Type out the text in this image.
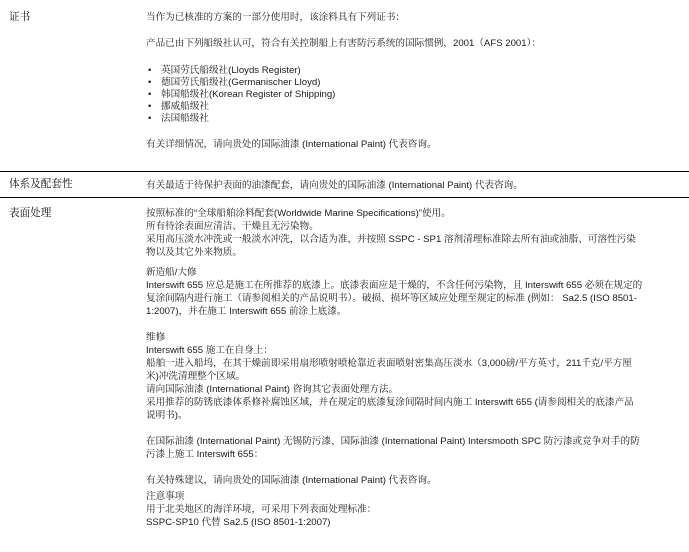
证书	当作为已核准的方案的一部分使用时，该涂料具有下列证书：

产品已由下列船级社认可，符合有关控制船上有害防污系统的国际惯例，2001（AFS 2001）：

• 英国劳氏船级社(Lloyds Register)
• 德国劳氏船级社(Germanischer Lloyd)
• 韩国船级社(Korean Register of Shipping)
• 挪威船级社
• 法国船级社

有关详细情况，请向贵处的国际油漆 (International Paint) 代表咨询。

体系及配套性	有关最适于待保护表面的油漆配套，请向贵处的国际油漆 (International Paint) 代表咨询。

表面处理	按照标准的“全球船舶涂料配套(Worldwide Marine Specifications)”使用。

所有待涂表面应清洁、干燥且无污染物。

采用高压淡水冲洗或一般淡水冲洗，以合适为准，并按照 SSPC - SP1 溶剂清理标准除去所有油或油脂、可溶性污染

物以及其它外来物质。

新造船/大修

Interswift 655 应总是施工在所推荐的底漆上。底漆表面应是干燥的，不含任何污染物，且 Interswift 655 必须在规定的

复涂间隔内进行施工（请参阅相关的产品说明书）。破损、损坏等区域应处理至规定的标准 (例如： Sa2.5 (ISO 8501-

1:2007)，并在施工 Interswift 655 前涂上底漆。

维修

Interswift 655 施工在自身上：

船舶一进入船坞，在其干燥前即采用扇形喷射喷枪靠近表面喷射密集高压淡水（3,000磅/平方英寸，211千克/平方厘

米)冲洗清理整个区域。

请向国际油漆 (International Paint) 咨询其它表面处理方法。

采用推荐的防锈底漆体系修补腐蚀区域，并在规定的底漆复涂间隔时间内施工 Interswift 655 (请参阅相关的底漆产品

说明书)。

在国际油漆 (International Paint) 无锡防污漆、国际油漆 (International Paint) Intersmooth SPC 防污漆或竞争对手的防

污漆上施工 Interswift 655：

有关特殊建议，请向贵处的国际油漆 (International Paint) 代表咨询。

注意事项

用于北美地区的海洋环境，可采用下列表面处理标准：

SSPC-SP10 代替 Sa2.5 (ISO 8501-1:2007)
